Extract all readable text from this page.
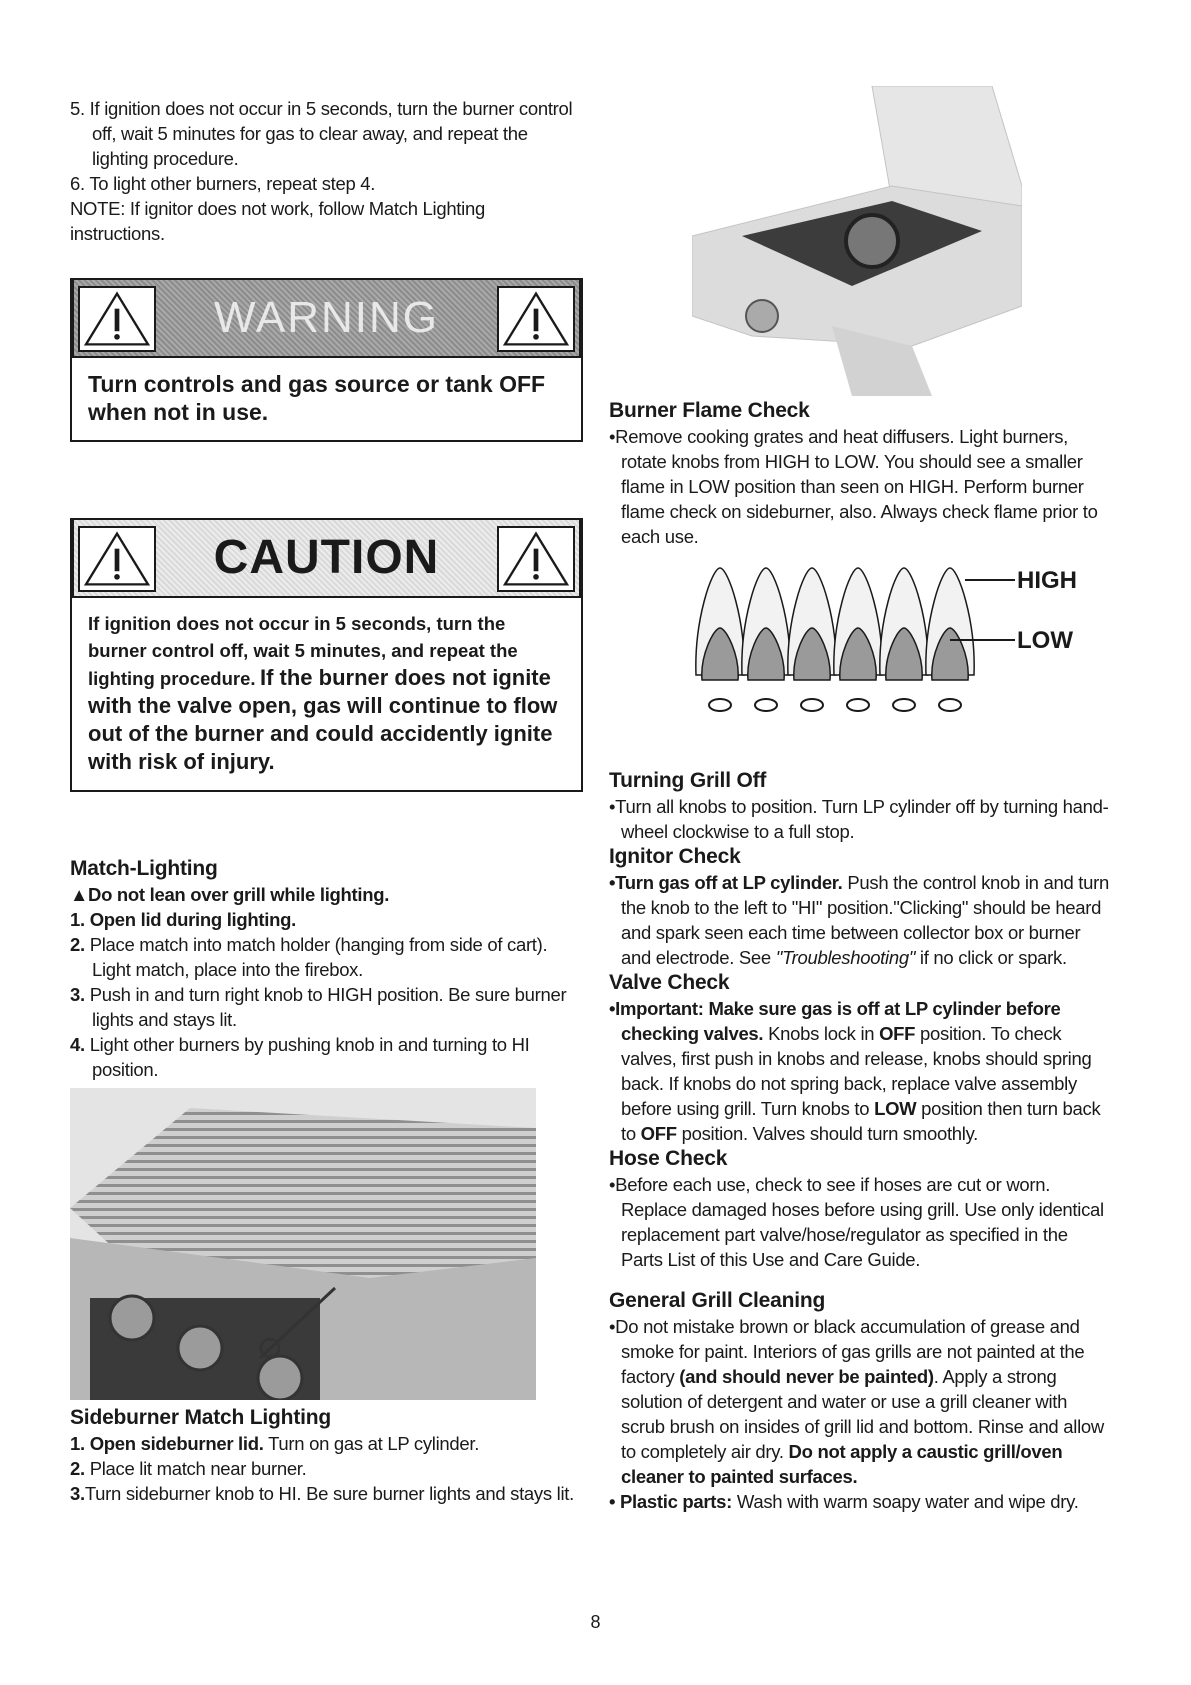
5. If ignition does not occur in 5 seconds, turn the burner control off, wait 5 minutes for gas to clear away, and repeat the lighting procedure.

6. To light other burners, repeat step 4.

NOTE: If ignitor does not work, follow Match Lighting instructions.

WARNING

Turn controls and gas source or tank OFF when not in use.

CAUTION
If ignition does not occur in 5 seconds, turn the burner control off, wait 5 minutes, and repeat the lighting procedure. If the burner does not ignite with the valve open, gas will continue to flow out of the burner and could accidently ignite with risk of injury.
Match-Lighting

▲Do not lean over grill while lighting.

1. Open lid during lighting.

2. Place match into match holder (hanging from side of cart). Light match, place into the firebox.

3. Push in and turn right knob to HIGH position. Be sure burner lights and stays lit.

4. Light other burners by pushing knob in and turning to HI position.

Sideburner Match Lighting

1. Open sideburner lid. Turn on gas at LP cylinder.

2. Place lit match near burner.

3.Turn sideburner knob to HI. Be sure burner lights and stays lit.

Burner Flame Check

•Remove cooking grates and heat diffusers. Light burners, rotate knobs from HIGH to LOW. You should see a smaller flame in LOW position than seen on HIGH. Perform burner flame check on sideburner, also. Always check flame prior to each use.

HIGH
LOW
Turning Grill Off

•Turn all knobs to position. Turn LP cylinder off by turning hand-wheel clockwise to a full stop.

Ignitor Check

•Turn gas off at LP cylinder. Push the control knob in and turn the knob to the left to "HI" position."Clicking" should be heard and spark seen each time between collector box or burner and electrode. See "Troubleshooting" if no click or spark.

Valve Check

•Important: Make sure gas is off at LP cylinder before checking valves. Knobs lock in OFF position. To check valves, first push in knobs and release, knobs should spring back. If knobs do not spring back, replace valve assembly before using grill. Turn knobs to LOW position then turn back to OFF position. Valves should turn smoothly.

Hose Check

•Before each use, check to see if hoses are cut or worn. Replace damaged hoses before using grill. Use only identical replacement part valve/hose/regulator as specified in the Parts List of this Use and Care Guide.

General Grill Cleaning

•Do not mistake brown or black accumulation of grease and smoke for paint. Interiors of gas grills are not painted at the factory (and should never be painted). Apply a strong solution of detergent and water or use a grill cleaner with scrub brush on insides of grill lid and bottom. Rinse and allow to completely air dry. Do not apply a caustic grill/oven cleaner to painted surfaces.

• Plastic parts: Wash with warm soapy water and wipe dry.

8
